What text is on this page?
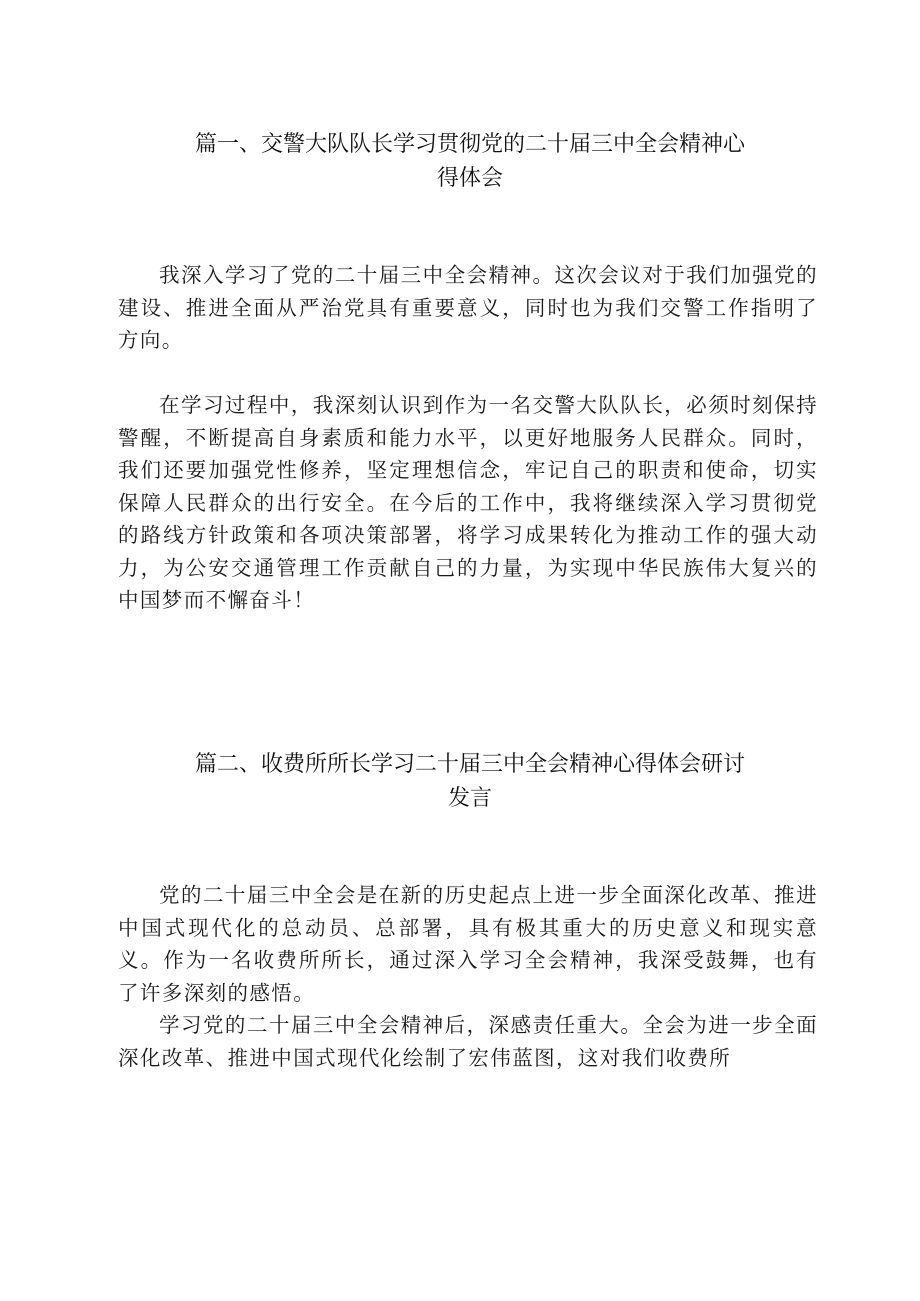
篇一、交警大队队长学习贯彻党的二十届三中全会精神心
得体会

我深入学习了党的二十届三中全会精神。这次会议对于我们加强党的建设、推进全面从严治党具有重要意义，同时也为我们交警工作指明了方向。

在学习过程中，我深刻认识到作为一名交警大队队长，必须时刻保持警醒，不断提高自身素质和能力水平，以更好地服务人民群众。同时，我们还要加强党性修养，坚定理想信念，牢记自己的职责和使命，切实保障人民群众的出行安全。在今后的工作中，我将继续深入学习贯彻党的路线方针政策和各项决策部署，将学习成果转化为推动工作的强大动力，为公安交通管理工作贡献自己的力量，为实现中华民族伟大复兴的中国梦而不懈奋斗！

篇二、收费所所长学习二十届三中全会精神心得体会研讨
发言

党的二十届三中全会是在新的历史起点上进一步全面深化改革、推进中国式现代化的总动员、总部署，具有极其重大的历史意义和现实意义。作为一名收费所所长，通过深入学习全会精神，我深受鼓舞，也有了许多深刻的感悟。

学习党的二十届三中全会精神后，深感责任重大。全会为进一步全面深化改革、推进中国式现代化绘制了宏伟蓝图，这对我们收费所
